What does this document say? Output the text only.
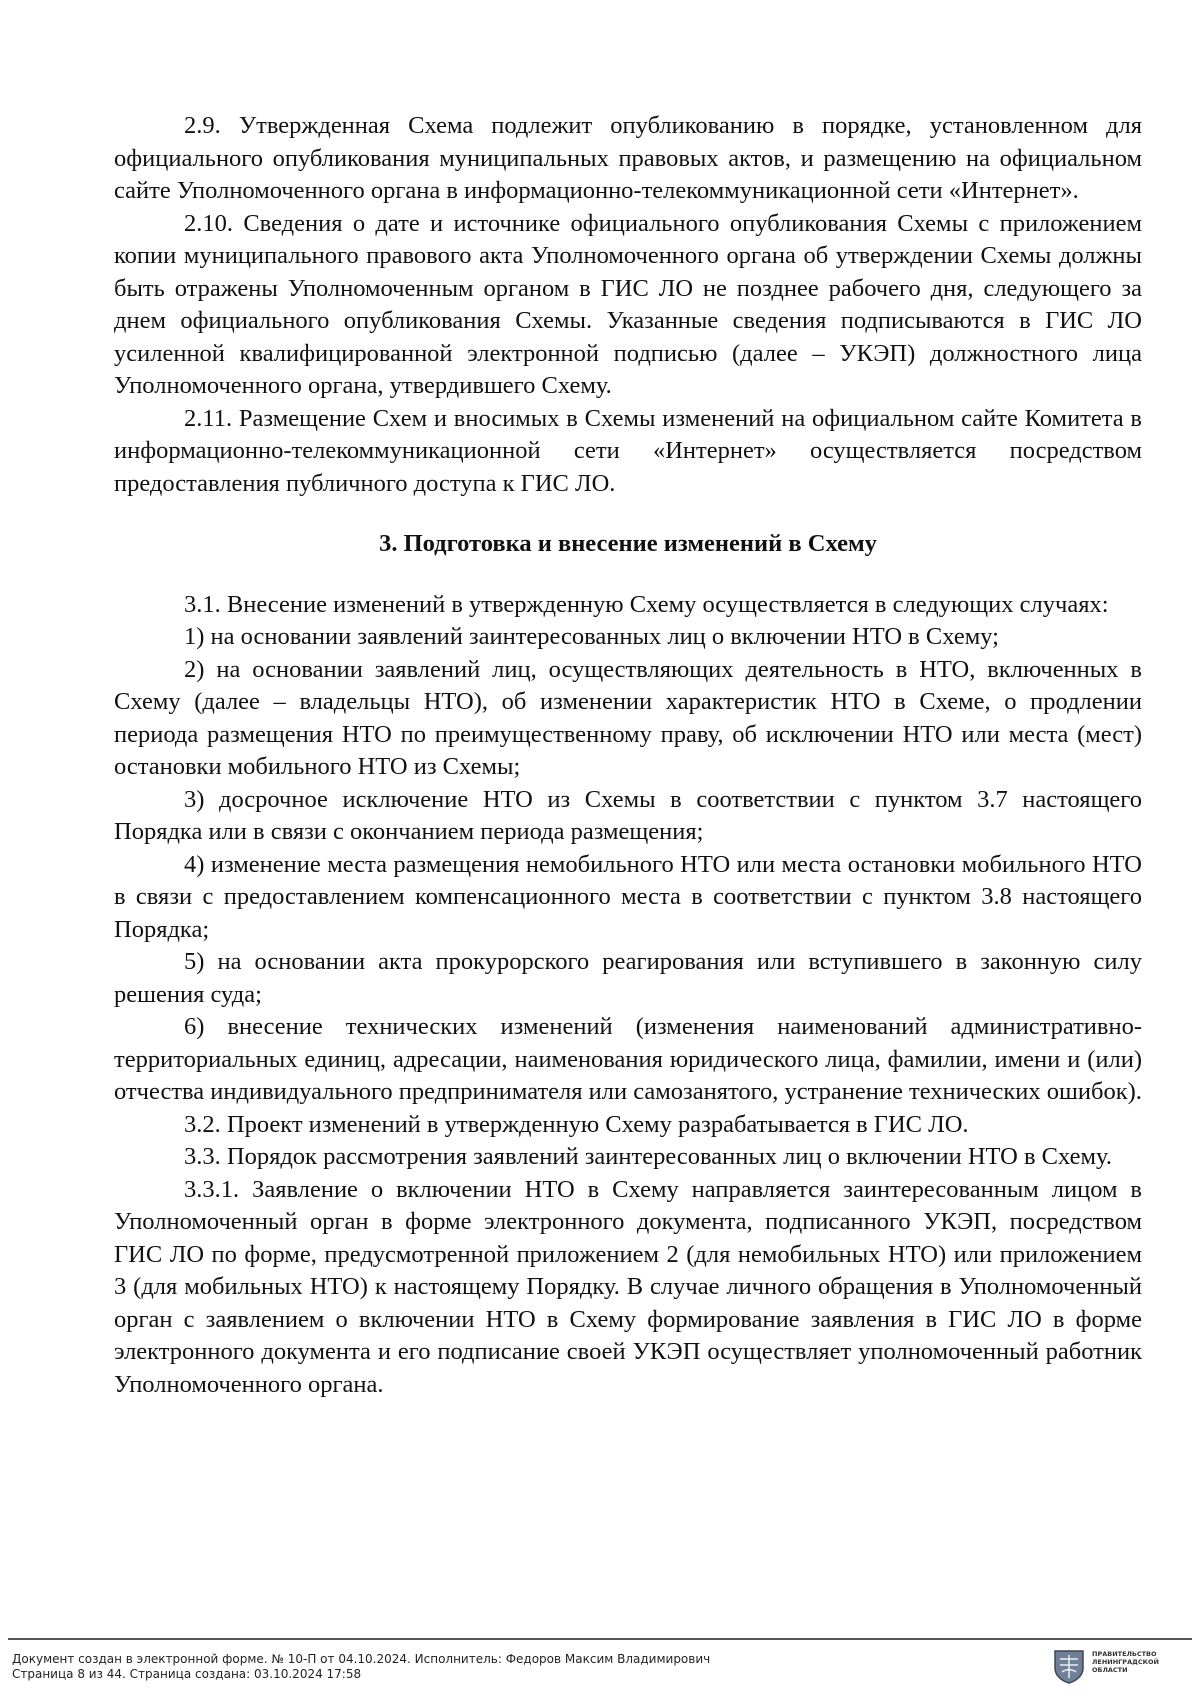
2.9. Утвержденная Схема подлежит опубликованию в порядке, установленном для официального опубликования муниципальных правовых актов, и размещению на официальном сайте Уполномоченного органа в информационно-телекоммуникационной сети «Интернет».

2.10. Сведения о дате и источнике официального опубликования Схемы с приложением копии муниципального правового акта Уполномоченного органа об утверждении Схемы должны быть отражены Уполномоченным органом в ГИС ЛО не позднее рабочего дня, следующего за днем официального опубликования Схемы. Указанные сведения подписываются в ГИС ЛО усиленной квалифицированной электронной подписью (далее – УКЭП) должностного лица Уполномоченного органа, утвердившего Схему.

2.11. Размещение Схем и вносимых в Схемы изменений на официальном сайте Комитета в информационно-телекоммуникационной сети «Интернет» осуществляется посредством предоставления публичного доступа к ГИС ЛО.

3. Подготовка и внесение изменений в Схему

3.1. Внесение изменений в утвержденную Схему осуществляется в следующих случаях:

1) на основании заявлений заинтересованных лиц о включении НТО в Схему;

2) на основании заявлений лиц, осуществляющих деятельность в НТО, включенных в Схему (далее – владельцы НТО), об изменении характеристик НТО в Схеме, о продлении периода размещения НТО по преимущественному праву, об исключении НТО или места (мест) остановки мобильного НТО из Схемы;

3) досрочное исключение НТО из Схемы в соответствии с пунктом 3.7 настоящего Порядка или в связи с окончанием периода размещения;

4) изменение места размещения немобильного НТО или места остановки мобильного НТО в связи с предоставлением компенсационного места в соответствии с пунктом 3.8 настоящего Порядка;

5) на основании акта прокурорского реагирования или вступившего в законную силу решения суда;

6) внесение технических изменений (изменения наименований административно-территориальных единиц, адресации, наименования юридического лица, фамилии, имени и (или) отчества индивидуального предпринимателя или самозанятого, устранение технических ошибок).

3.2. Проект изменений в утвержденную Схему разрабатывается в ГИС ЛО.

3.3. Порядок рассмотрения заявлений заинтересованных лиц о включении НТО в Схему.

3.3.1. Заявление о включении НТО в Схему направляется заинтересованным лицом в Уполномоченный орган в форме электронного документа, подписанного УКЭП, посредством ГИС ЛО по форме, предусмотренной приложением 2 (для немобильных НТО) или приложением 3 (для мобильных НТО) к настоящему Порядку. В случае личного обращения в Уполномоченный орган с заявлением о включении НТО в Схему формирование заявления в ГИС ЛО в форме электронного документа и его подписание своей УКЭП осуществляет уполномоченный работник Уполномоченного органа.

Документ создан в электронной форме. № 10-П от 04.10.2024. Исполнитель: Федоров Максим Владимирович
Страница 8 из 44. Страница создана: 03.10.2024 17:58
ПРАВИТЕЛЬСТВО ЛЕНИНГРАДСКОЙ ОБЛАСТИ
